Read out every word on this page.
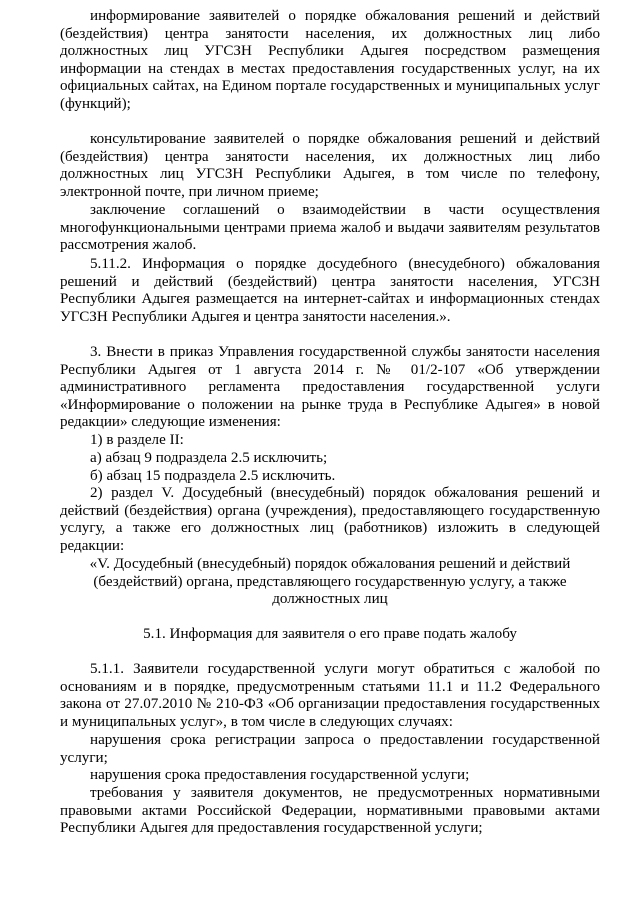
информирование заявителей о порядке обжалования решений и действий (бездействия) центра занятости населения, их должностных лиц либо должностных лиц УГСЗН Республики Адыгея посредством размещения информации на стендах в местах предоставления государственных услуг, на их официальных сайтах, на Едином портале государственных и муниципальных услуг (функций);

консультирование заявителей о порядке обжалования решений и действий (бездействия) центра занятости населения, их должностных лиц либо должностных лиц УГСЗН Республики Адыгея, в том числе по телефону, электронной почте, при личном приеме;

заключение соглашений о взаимодействии в части осуществления многофункциональными центрами приема жалоб и выдачи заявителям результатов рассмотрения жалоб.

5.11.2. Информация о порядке досудебного (внесудебного) обжалования решений и действий (бездействий) центра занятости населения, УГСЗН Республики Адыгея размещается на интернет-сайтах и информационных стендах УГСЗН Республики Адыгея и центра занятости населения.».

3. Внести в приказ Управления государственной службы занятости населения Республики Адыгея от 1 августа 2014 г. № 01/2-107 «Об утверждении административного регламента предоставления государственной услуги «Информирование о положении на рынке труда в Республике Адыгея» в новой редакции» следующие изменения:

1) в разделе II:

а) абзац 9 подраздела 2.5 исключить;

б) абзац 15 подраздела 2.5 исключить.

2) раздел V. Досудебный (внесудебный) порядок обжалования решений и действий (бездействия) органа (учреждения), предоставляющего государственную услугу, а также его должностных лиц (работников) изложить в следующей редакции:

«V. Досудебный (внесудебный) порядок обжалования решений и действий (бездействий) органа, представляющего государственную услугу, а также должностных лиц

5.1. Информация для заявителя о его праве подать жалобу

5.1.1. Заявители государственной услуги могут обратиться с жалобой по основаниям и в порядке, предусмотренным статьями 11.1 и 11.2 Федерального закона от 27.07.2010 № 210-ФЗ «Об организации предоставления государственных и муниципальных услуг», в том числе в следующих случаях:

нарушения срока регистрации запроса о предоставлении государственной услуги;

нарушения срока предоставления государственной услуги;

требования у заявителя документов, не предусмотренных нормативными правовыми актами Российской Федерации, нормативными правовыми актами Республики Адыгея для предоставления государственной услуги;
